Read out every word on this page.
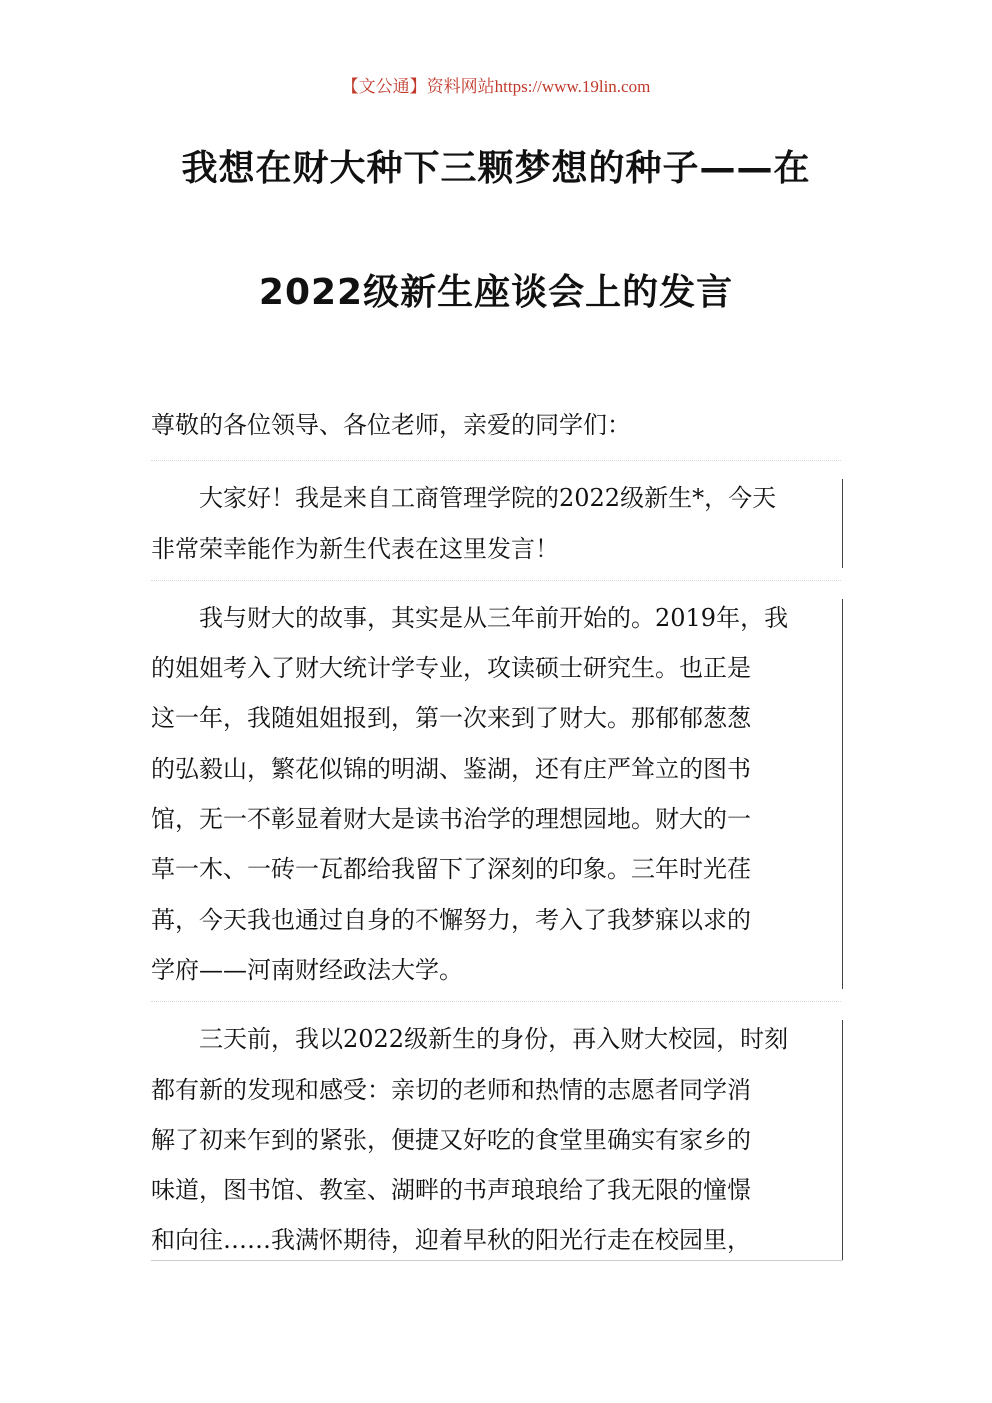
【文公通】资料网站https://www.19lin.com
我想在财大种下三颗梦想的种子——在
2022级新生座谈会上的发言

尊敬的各位领导、各位老师，亲爱的同学们：

大家好！我是来自工商管理学院的2022级新生*，今天
非常荣幸能作为新生代表在这里发言！

我与财大的故事，其实是从三年前开始的。2019年，我
的姐姐考入了财大统计学专业，攻读硕士研究生。也正是
这一年，我随姐姐报到，第一次来到了财大。那郁郁葱葱
的弘毅山，繁花似锦的明湖、鉴湖，还有庄严耸立的图书
馆，无一不彰显着财大是读书治学的理想园地。财大的一
草一木、一砖一瓦都给我留下了深刻的印象。三年时光荏
苒，今天我也通过自身的不懈努力，考入了我梦寐以求的
学府——河南财经政法大学。

三天前，我以2022级新生的身份，再入财大校园，时刻
都有新的发现和感受：亲切的老师和热情的志愿者同学消
解了初来乍到的紧张，便捷又好吃的食堂里确实有家乡的
味道，图书馆、教室、湖畔的书声琅琅给了我无限的憧憬
和向往……我满怀期待，迎着早秋的阳光行走在校园里，
